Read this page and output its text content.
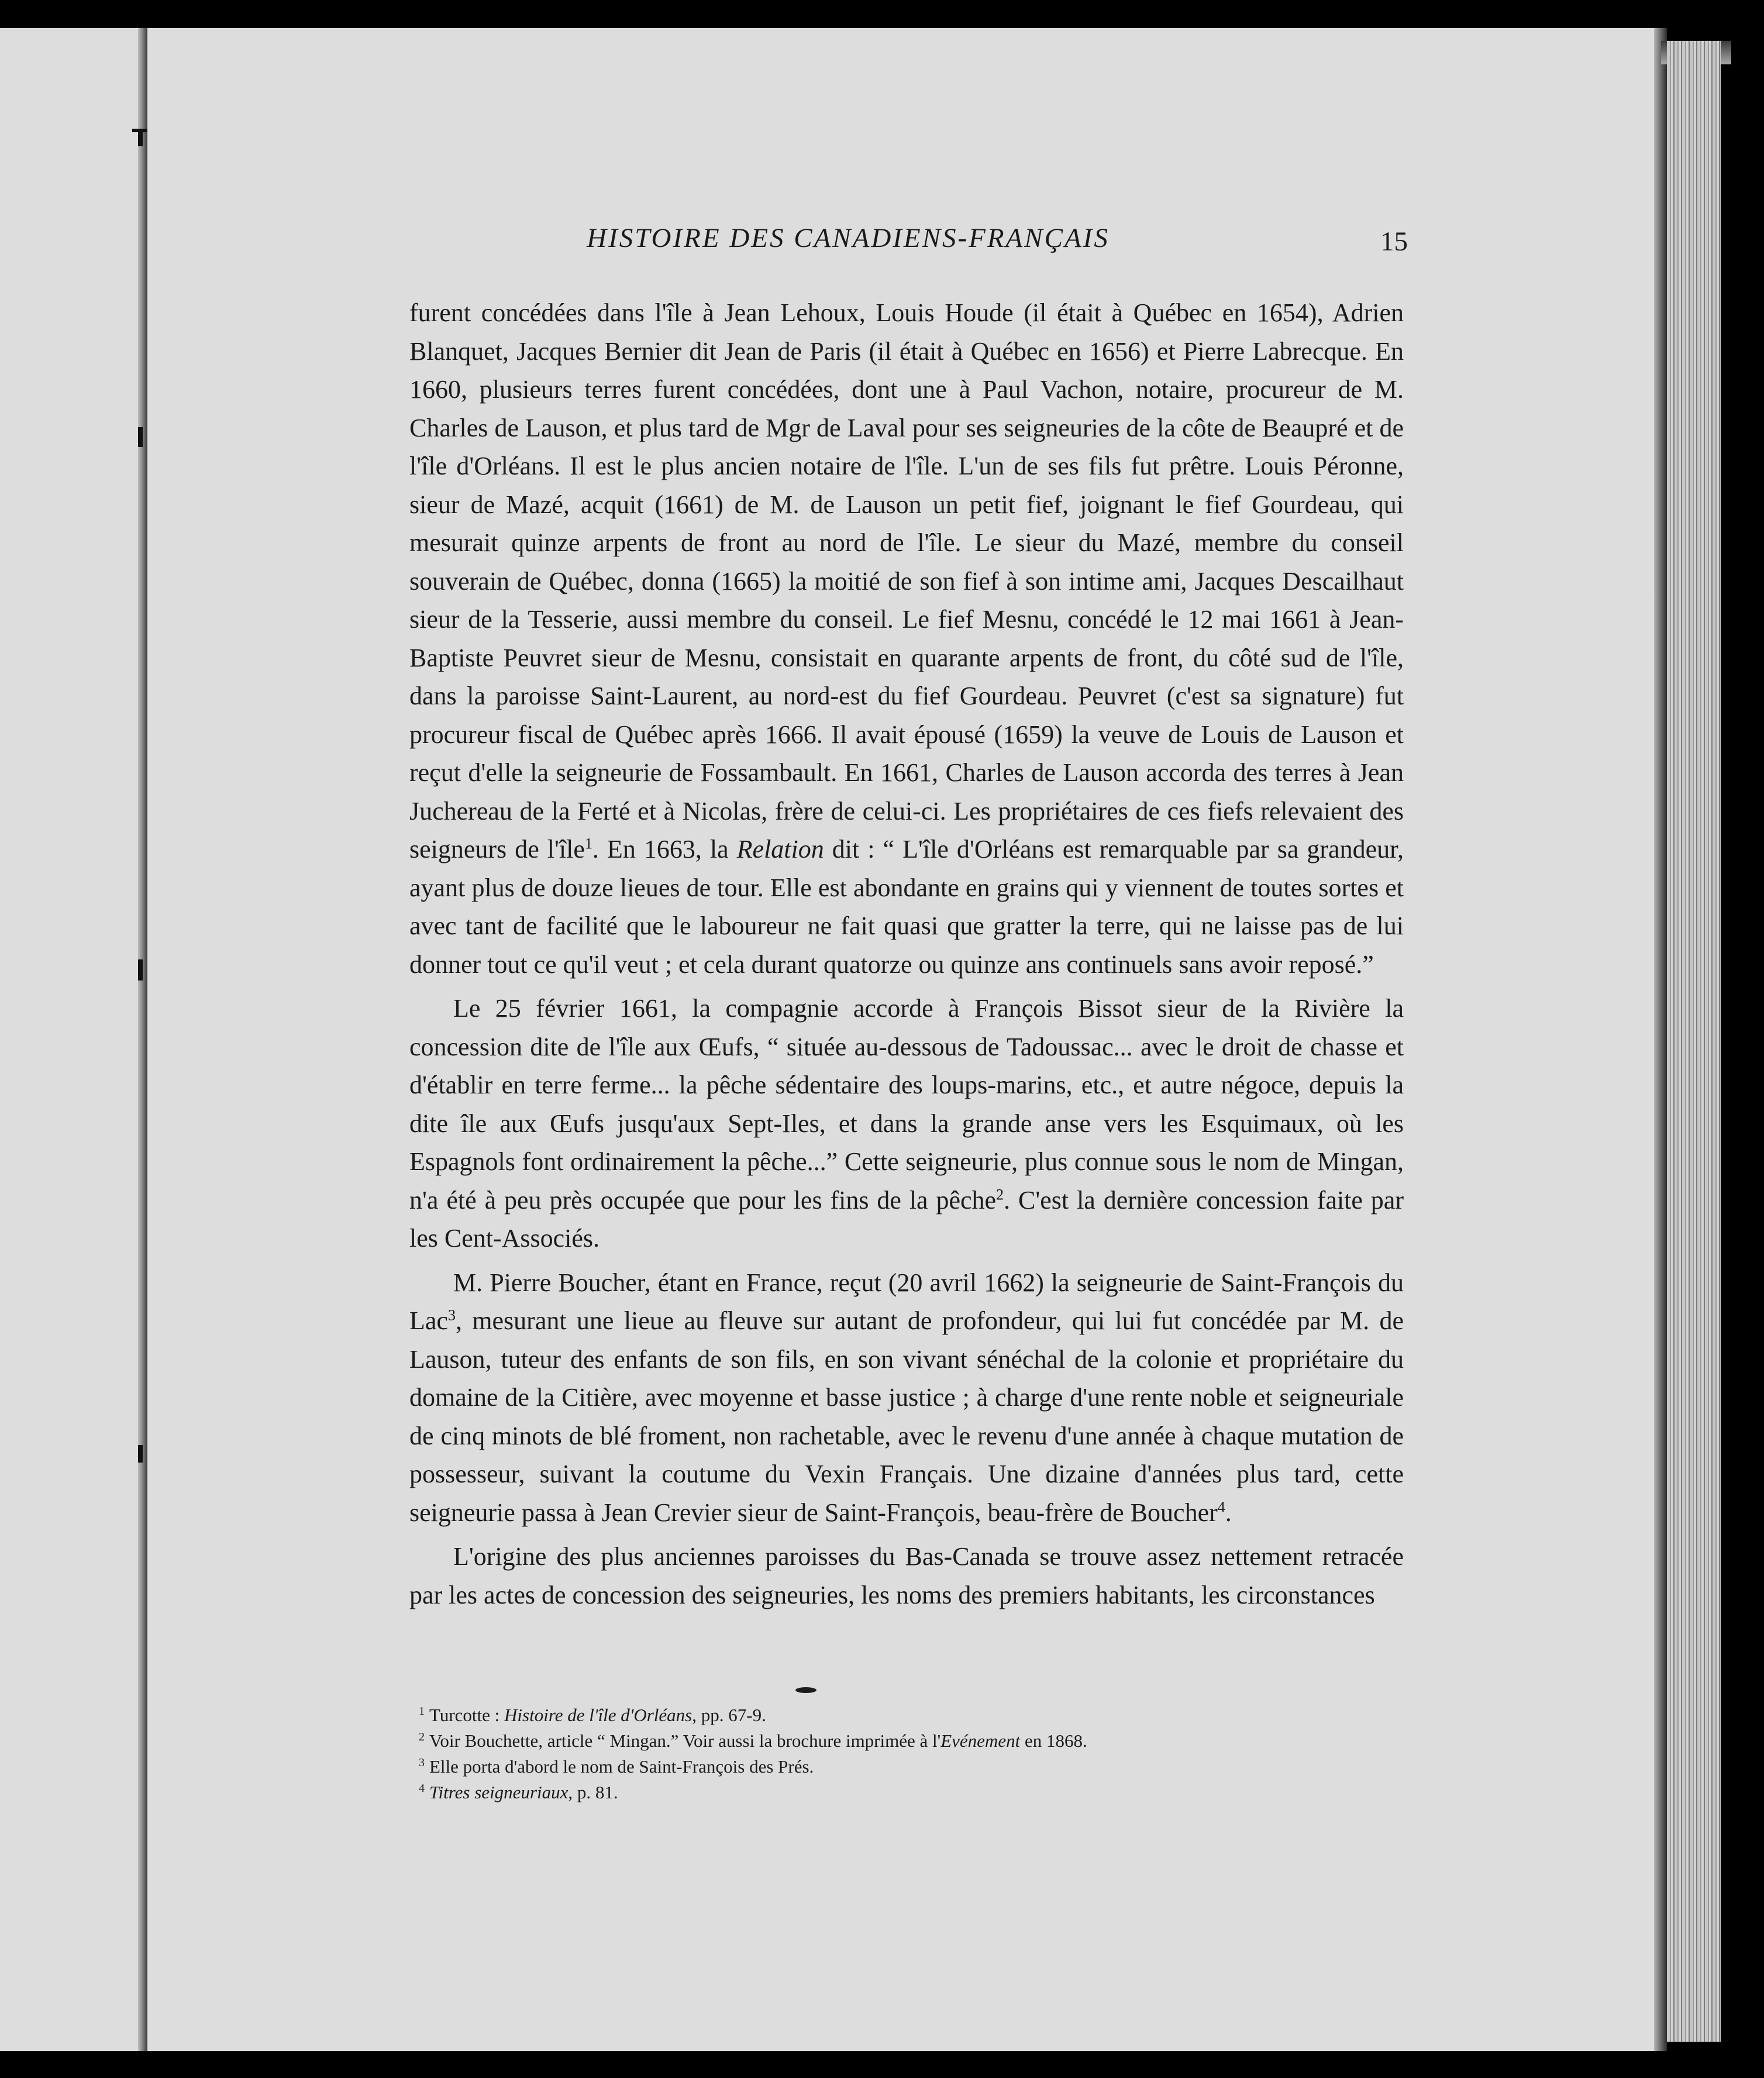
HISTOIRE DES CANADIENS-FRANÇAIS	15

furent concédées dans l'île à Jean Lehoux, Louis Houde (il était à Québec en 1654), Adrien Blanquet, Jacques Bernier dit Jean de Paris (il était à Québec en 1656) et Pierre Labrecque. En 1660, plusieurs terres furent concédées, dont une à Paul Vachon, notaire, procureur de M. Charles de Lauson, et plus tard de Mgr de Laval pour ses seigneuries de la côte de Beaupré et de l'île d'Orléans. Il est le plus ancien notaire de l'île. L'un de ses fils fut prêtre. Louis Péronne, sieur de Mazé, acquit (1661) de M. de Lauson un petit fief, joignant le fief Gourdeau, qui mesurait quinze arpents de front au nord de l'île. Le sieur du Mazé, membre du conseil souverain de Québec, donna (1665) la moitié de son fief à son intime ami, Jacques Descailhaut sieur de la Tesserie, aussi membre du conseil. Le fief Mesnu, concédé le 12 mai 1661 à Jean-Baptiste Peuvret sieur de Mesnu, consistait en quarante arpents de front, du côté sud de l'île, dans la paroisse Saint-Laurent, au nord-est du fief Gourdeau. Peuvret (c'est sa signature) fut procureur fiscal de Québec après 1666. Il avait épousé (1659) la veuve de Louis de Lauson et reçut d'elle la seigneurie de Fossambault. En 1661, Charles de Lauson accorda des terres à Jean Juchereau de la Ferté et à Nicolas, frère de celui-ci. Les propriétaires de ces fiefs relevaient des seigneurs de l'île$^1$. En 1663, la Relation dit : “ L'île d'Orléans est remarquable par sa grandeur, ayant plus de douze lieues de tour. Elle est abondante en grains qui y viennent de toutes sortes et avec tant de facilité que le laboureur ne fait quasi que gratter la terre, qui ne laisse pas de lui donner tout ce qu'il veut ; et cela durant quatorze ou quinze ans continuels sans avoir reposé.”

Le 25 février 1661, la compagnie accorde à François Bissot sieur de la Rivière la concession dite de l'île aux Œufs, “ située au-dessous de Tadoussac... avec le droit de chasse et d'établir en terre ferme... la pêche sédentaire des loups-marins, etc., et autre négoce, depuis la dite île aux Œufs jusqu'aux Sept-Iles, et dans la grande anse vers les Esquimaux, où les Espagnols font ordinairement la pêche...” Cette seigneurie, plus connue sous le nom de Mingan, n'a été à peu près occupée que pour les fins de la pêche$^2$. C'est la dernière concession faite par les Cent-Associés.

M. Pierre Boucher, étant en France, reçut (20 avril 1662) la seigneurie de Saint-François du Lac$^3$, mesurant une lieue au fleuve sur autant de profondeur, qui lui fut concédée par M. de Lauson, tuteur des enfants de son fils, en son vivant sénéchal de la colonie et propriétaire du domaine de la Citière, avec moyenne et basse justice ; à charge d'une rente noble et seigneuriale de cinq minots de blé froment, non rachetable, avec le revenu d'une année à chaque mutation de possesseur, suivant la coutume du Vexin Français. Une dizaine d'années plus tard, cette seigneurie passa à Jean Crevier sieur de Saint-François, beau-frère de Boucher$^4$.

L'origine des plus anciennes paroisses du Bas-Canada se trouve assez nettement retracée par les actes de concession des seigneuries, les noms des premiers habitants, les circonstances

$^1$ Turcotte : Histoire de l'île d'Orléans, pp. 67-9.

$^2$ Voir Bouchette, article “ Mingan.” Voir aussi la brochure imprimée à l'Evénement en 1868.

$^3$ Elle porta d'abord le nom de Saint-François des Prés.

$^4$ Titres seigneuriaux, p. 81.
